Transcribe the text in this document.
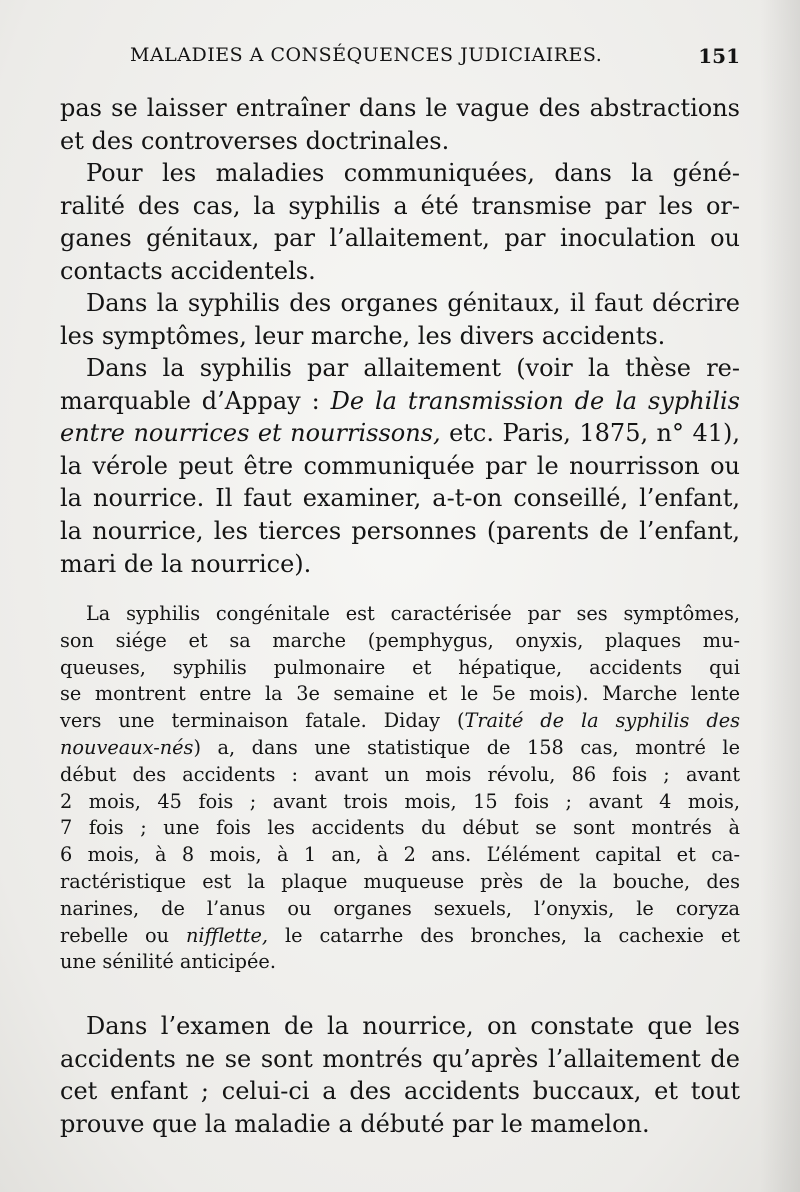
MALADIES A CONSÉQUENCES JUDICIAIRES.	151
pas se laisser entraîner dans le vague des abstractions
et des controverses doctrinales.
Pour les maladies communiquées, dans la géné-
ralité des cas, la syphilis a été transmise par les or-
ganes génitaux, par l’allaitement, par inoculation ou
contacts accidentels.
Dans la syphilis des organes génitaux, il faut décrire
les symptômes, leur marche, les divers accidents.
Dans la syphilis par allaitement (voir la thèse re-
marquable d’Appay : De la transmission de la syphilis
entre nourrices et nourrissons, etc. Paris, 1875, n° 41),
la vérole peut être communiquée par le nourrisson ou
la nourrice. Il faut examiner, a-t-on conseillé, l’enfant,
la nourrice, les tierces personnes (parents de l’enfant,
mari de la nourrice).
La syphilis congénitale est caractérisée par ses symptômes,
son siége et sa marche (pemphygus, onyxis, plaques mu-
queuses, syphilis pulmonaire et hépatique, accidents qui
se montrent entre la 3e semaine et le 5e mois). Marche lente
vers une terminaison fatale. Diday (Traité de la syphilis des
nouveaux-nés) a, dans une statistique de 158 cas, montré le
début des accidents : avant un mois révolu, 86 fois ; avant
2 mois, 45 fois ; avant trois mois, 15 fois ; avant 4 mois,
7 fois ; une fois les accidents du début se sont montrés à
6 mois, à 8 mois, à 1 an, à 2 ans. L’élément capital et ca-
ractéristique est la plaque muqueuse près de la bouche, des
narines, de l’anus ou organes sexuels, l’onyxis, le coryza
rebelle ou nifflette, le catarrhe des bronches, la cachexie et
une sénilité anticipée.
Dans l’examen de la nourrice, on constate que les
accidents ne se sont montrés qu’après l’allaitement de
cet enfant ; celui-ci a des accidents buccaux, et tout
prouve que la maladie a débuté par le mamelon.
